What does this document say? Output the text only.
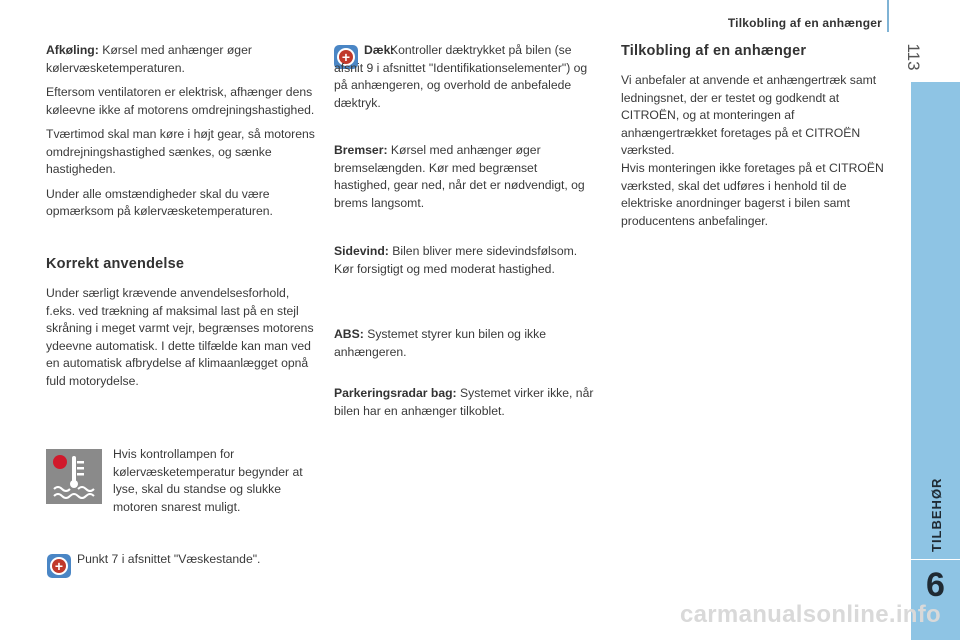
Tilkobling af en anhænger
113
TILBEHØR
6

Afkøling: Kørsel med anhænger øger kølervæsketemperaturen.

Eftersom ventilatoren er elektrisk, afhænger dens køleevne ikke af motorens omdrejningshastighed.

Tværtimod skal man køre i højt gear, så motorens omdrejningshastighed sænkes, og sænke hastigheden.

Under alle omstændigheder skal du være opmærksom på kølervæsketemperaturen.

Korrekt anvendelse

Under særligt krævende anvendelsesforhold, f.eks. ved trækning af maksimal last på en stejl skråning i meget varmt vejr, begrænses motorens ydeevne automatisk. I dette tilfælde kan man ved en automatisk afbrydelse af klimaanlægget opnå fuld motorydelse.

Hvis kontrollampen for kølervæsketemperatur begynder at lyse, skal du standse og slukke motoren snarest muligt.

+ Punkt 7 i afsnittet "Væskestande".

+ Dæk:

Kontroller dæktrykket på bilen (se afsnit 9 i afsnittet "Identifikationselementer") og på anhængeren, og overhold de anbefalede dæktryk.

Bremser: Kørsel med anhænger øger bremselængden. Kør med begrænset hastighed, gear ned, når det er nødvendigt, og brems langsomt.

Sidevind: Bilen bliver mere sidevindsfølsom. Kør forsigtigt og med moderat hastighed.

ABS: Systemet styrer kun bilen og ikke anhængeren.

Parkeringsradar bag: Systemet virker ikke, når bilen har en anhænger tilkoblet.

Tilkobling af en anhænger

Vi anbefaler at anvende et anhængertræk samt ledningsnet, der er testet og godkendt at CITROËN, og at monteringen af anhængertrækket foretages på et CITROËN værksted.

Hvis monteringen ikke foretages på et CITROËN værksted, skal det udføres i henhold til de elektriske anordninger bagerst i bilen samt producentens anbefalinger.

carmanualsonline.info
